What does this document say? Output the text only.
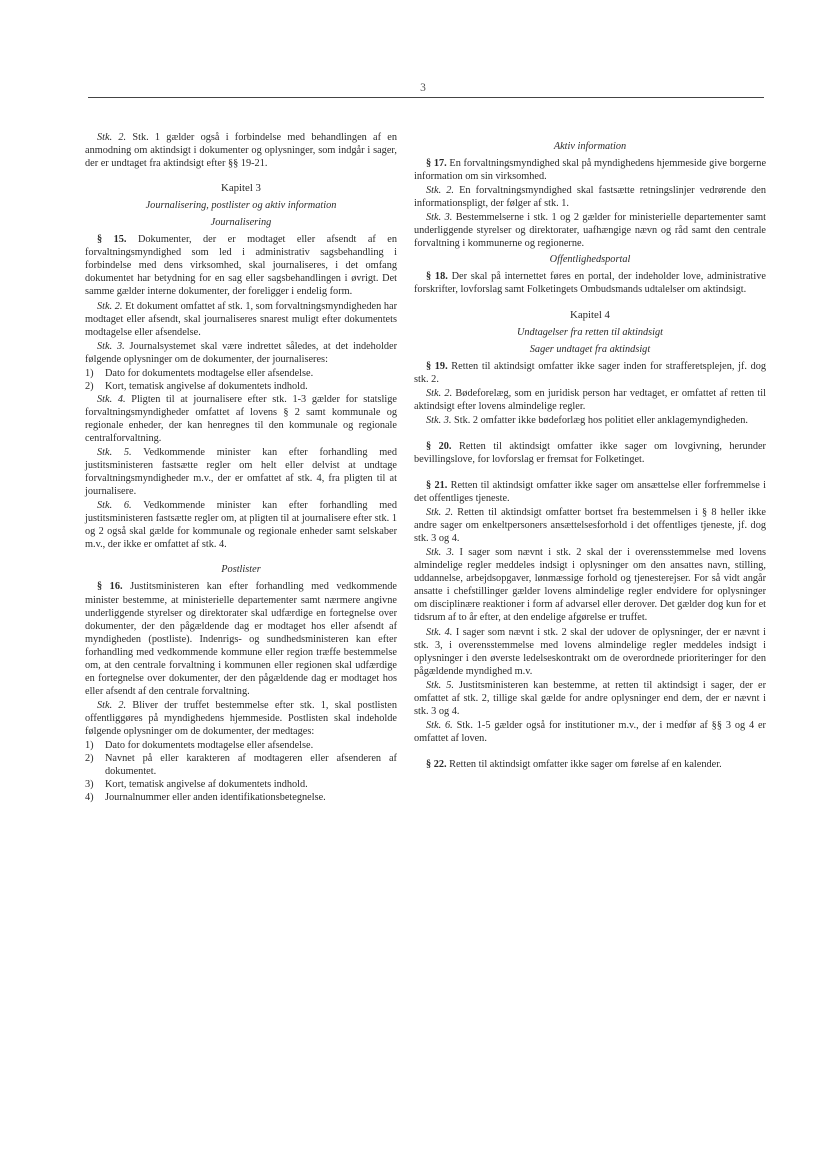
3

Stk. 2. Stk. 1 gælder også i forbindelse med behandlingen af en anmodning om aktindsigt i dokumenter og oplysninger, som indgår i sager, der er undtaget fra aktindsigt efter §§ 19-21.

Kapitel 3
Journalisering, postlister og aktiv information
Journalisering

§ 15. Dokumenter, der er modtaget eller afsendt af en forvaltningsmyndighed som led i administrativ sagsbehandling i forbindelse med dens virksomhed, skal journaliseres, i det omfang dokumentet har betydning for en sag eller sagsbehandlingen i øvrigt. Det samme gælder interne dokumenter, der foreligger i endelig form.

Stk. 2. Et dokument omfattet af stk. 1, som forvaltningsmyndigheden har modtaget eller afsendt, skal journaliseres snarest muligt efter dokumentets modtagelse eller afsendelse.

Stk. 3. Journalsystemet skal være indrettet således, at det indeholder følgende oplysninger om de dokumenter, der journaliseres:

1)	Dato for dokumentets modtagelse eller afsendelse.
2)	Kort, tematisk angivelse af dokumentets indhold.

Stk. 4. Pligten til at journalisere efter stk. 1-3 gælder for statslige forvaltningsmyndigheder omfattet af lovens § 2 samt kommunale og regionale enheder, der kan henregnes til den kommunale og regionale centralforvaltning.

Stk. 5. Vedkommende minister kan efter forhandling med justitsministeren fastsætte regler om helt eller delvist at undtage forvaltningsmyndigheder m.v., der er omfattet af stk. 4, fra pligten til at journalisere.

Stk. 6. Vedkommende minister kan efter forhandling med justitsministeren fastsætte regler om, at pligten til at journalisere efter stk. 1 og 2 også skal gælde for kommunale og regionale enheder samt selskaber m.v., der ikke er omfattet af stk. 4.

Postlister

§ 16. Justitsministeren kan efter forhandling med vedkommende minister bestemme, at ministerielle departementer samt nærmere angivne underliggende styrelser og direktorater skal udfærdige en fortegnelse over dokumenter, der den pågældende dag er modtaget hos eller afsendt af myndigheden (postliste). Indenrigs- og sundhedsministeren kan efter forhandling med vedkommende kommune eller region træffe bestemmelse om, at den centrale forvaltning i kommunen eller regionen skal udfærdige en fortegnelse over dokumenter, der den pågældende dag er modtaget hos eller afsendt af den centrale forvaltning.

Stk. 2. Bliver der truffet bestemmelse efter stk. 1, skal postlisten offentliggøres på myndighedens hjemmeside. Postlisten skal indeholde følgende oplysninger om de dokumenter, der medtages:

1)	Dato for dokumentets modtagelse eller afsendelse.
2)	Navnet på eller karakteren af modtageren eller afsenderen af dokumentet.
3)	Kort, tematisk angivelse af dokumentets indhold.
4)	Journalnummer eller anden identifikationsbetegnelse.
Aktiv information

§ 17. En forvaltningsmyndighed skal på myndighedens hjemmeside give borgerne information om sin virksomhed.

Stk. 2. En forvaltningsmyndighed skal fastsætte retningslinjer vedrørende den informationspligt, der følger af stk. 1.

Stk. 3. Bestemmelserne i stk. 1 og 2 gælder for ministerielle departementer samt underliggende styrelser og direktorater, uafhængige nævn og råd samt den centrale forvaltning i kommunerne og regionerne.

Offentlighedsportal

§ 18. Der skal på internettet føres en portal, der indeholder love, administrative forskrifter, lovforslag samt Folketingets Ombudsmands udtalelser om aktindsigt.

Kapitel 4
Undtagelser fra retten til aktindsigt
Sager undtaget fra aktindsigt

§ 19. Retten til aktindsigt omfatter ikke sager inden for strafferetsplejen, jf. dog stk. 2.

Stk. 2. Bødeforelæg, som en juridisk person har vedtaget, er omfattet af retten til aktindsigt efter lovens almindelige regler.

Stk. 3. Stk. 2 omfatter ikke bødeforlæg hos politiet eller anklagemyndigheden.

§ 20. Retten til aktindsigt omfatter ikke sager om lovgivning, herunder bevillingslove, for lovforslag er fremsat for Folketinget.

§ 21. Retten til aktindsigt omfatter ikke sager om ansættelse eller forfremmelse i det offentliges tjeneste.

Stk. 2. Retten til aktindsigt omfatter bortset fra bestemmelsen i § 8 heller ikke andre sager om enkeltpersoners ansættelsesforhold i det offentliges tjeneste, jf. dog stk. 3 og 4.

Stk. 3. I sager som nævnt i stk. 2 skal der i overensstemmelse med lovens almindelige regler meddeles indsigt i oplysninger om den ansattes navn, stilling, uddannelse, arbejdsopgaver, lønmæssige forhold og tjenesterejser. For så vidt angår ansatte i chefstillinger gælder lovens almindelige regler endvidere for oplysninger om disciplinære reaktioner i form af advarsel eller derover. Det gælder dog kun for et tidsrum af to år efter, at den endelige afgørelse er truffet.

Stk. 4. I sager som nævnt i stk. 2 skal der udover de oplysninger, der er nævnt i stk. 3, i overensstemmelse med lovens almindelige regler meddeles indsigt i oplysninger i den øverste ledelseskontrakt om de overordnede prioriteringer for den pågældende myndighed m.v.

Stk. 5. Justitsministeren kan bestemme, at retten til aktindsigt i sager, der er omfattet af stk. 2, tillige skal gælde for andre oplysninger end dem, der er nævnt i stk. 3 og 4.

Stk. 6. Stk. 1-5 gælder også for institutioner m.v., der i medfør af §§ 3 og 4 er omfattet af loven.

§ 22. Retten til aktindsigt omfatter ikke sager om førelse af en kalender.
